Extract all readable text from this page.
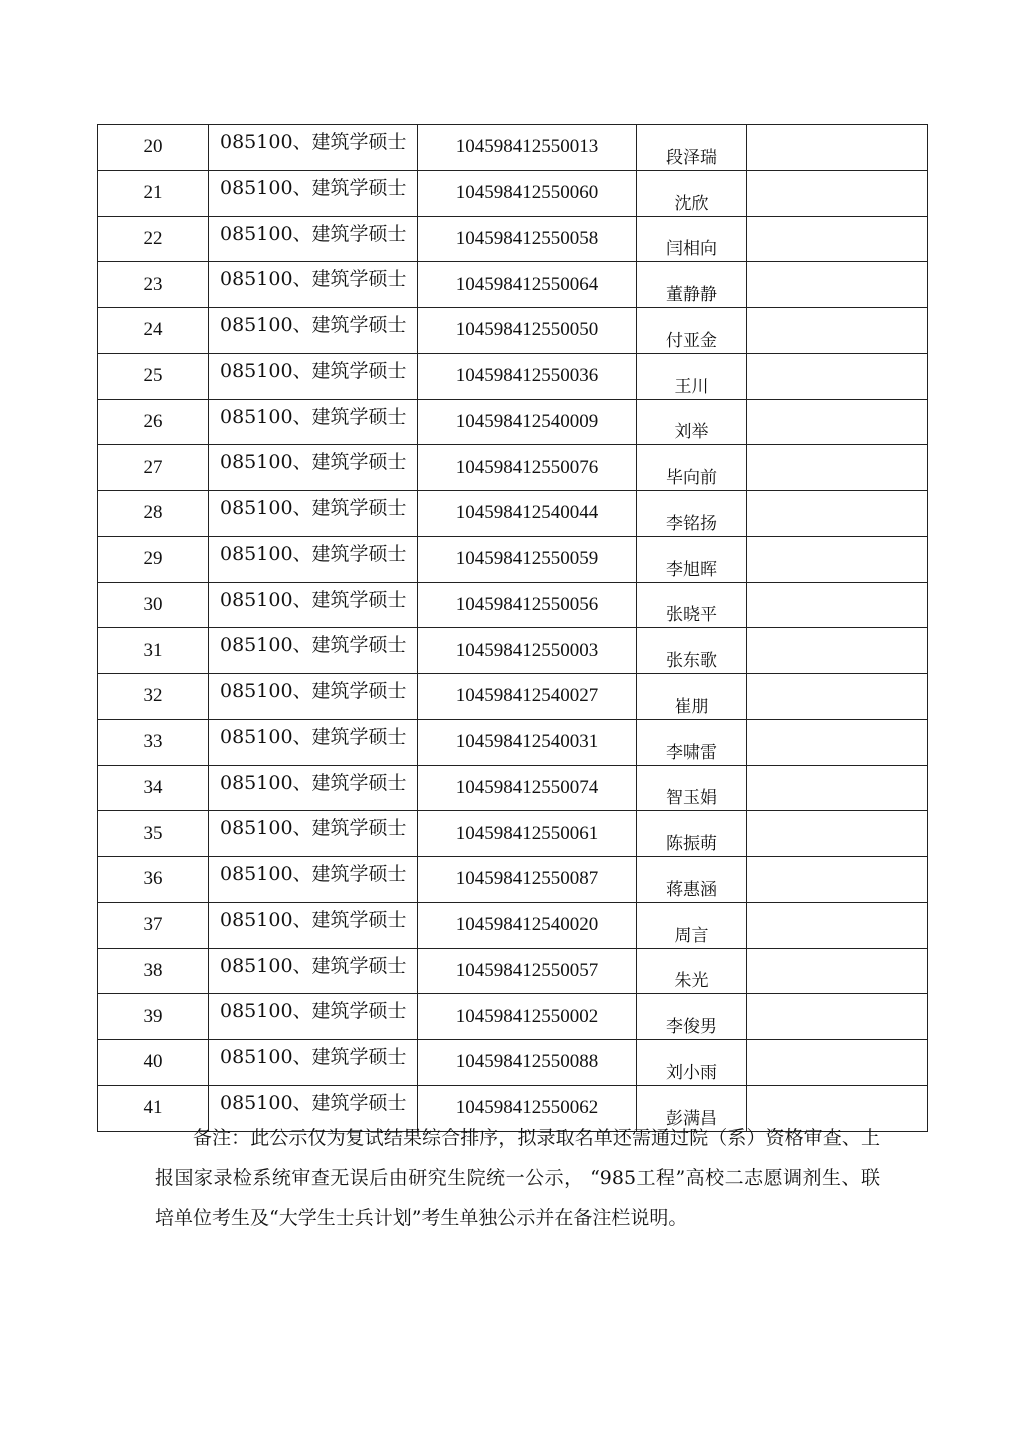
20	085100、建筑学硕士	104598412550013	段泽瑞	
21	085100、建筑学硕士	104598412550060	沈欣	
22	085100、建筑学硕士	104598412550058	闫相向	
23	085100、建筑学硕士	104598412550064	董静静	
24	085100、建筑学硕士	104598412550050	付亚金	
25	085100、建筑学硕士	104598412550036	王川	
26	085100、建筑学硕士	104598412540009	刘举	
27	085100、建筑学硕士	104598412550076	毕向前	
28	085100、建筑学硕士	104598412540044	李铭扬	
29	085100、建筑学硕士	104598412550059	李旭晖	
30	085100、建筑学硕士	104598412550056	张晓平	
31	085100、建筑学硕士	104598412550003	张东歌	
32	085100、建筑学硕士	104598412540027	崔朋	
33	085100、建筑学硕士	104598412540031	李啸雷	
34	085100、建筑学硕士	104598412550074	智玉娟	
35	085100、建筑学硕士	104598412550061	陈振萌	
36	085100、建筑学硕士	104598412550087	蒋惠涵	
37	085100、建筑学硕士	104598412540020	周言	
38	085100、建筑学硕士	104598412550057	朱光	
39	085100、建筑学硕士	104598412550002	李俊男	
40	085100、建筑学硕士	104598412550088	刘小雨	
41	085100、建筑学硕士	104598412550062	彭满昌	

备注：此公示仅为复试结果综合排序，拟录取名单还需通过院（系）资格审查、上报国家录检系统审查无误后由研究生院统一公示， “985工程”高校二志愿调剂生、联培单位考生及“大学生士兵计划”考生单独公示并在备注栏说明。
